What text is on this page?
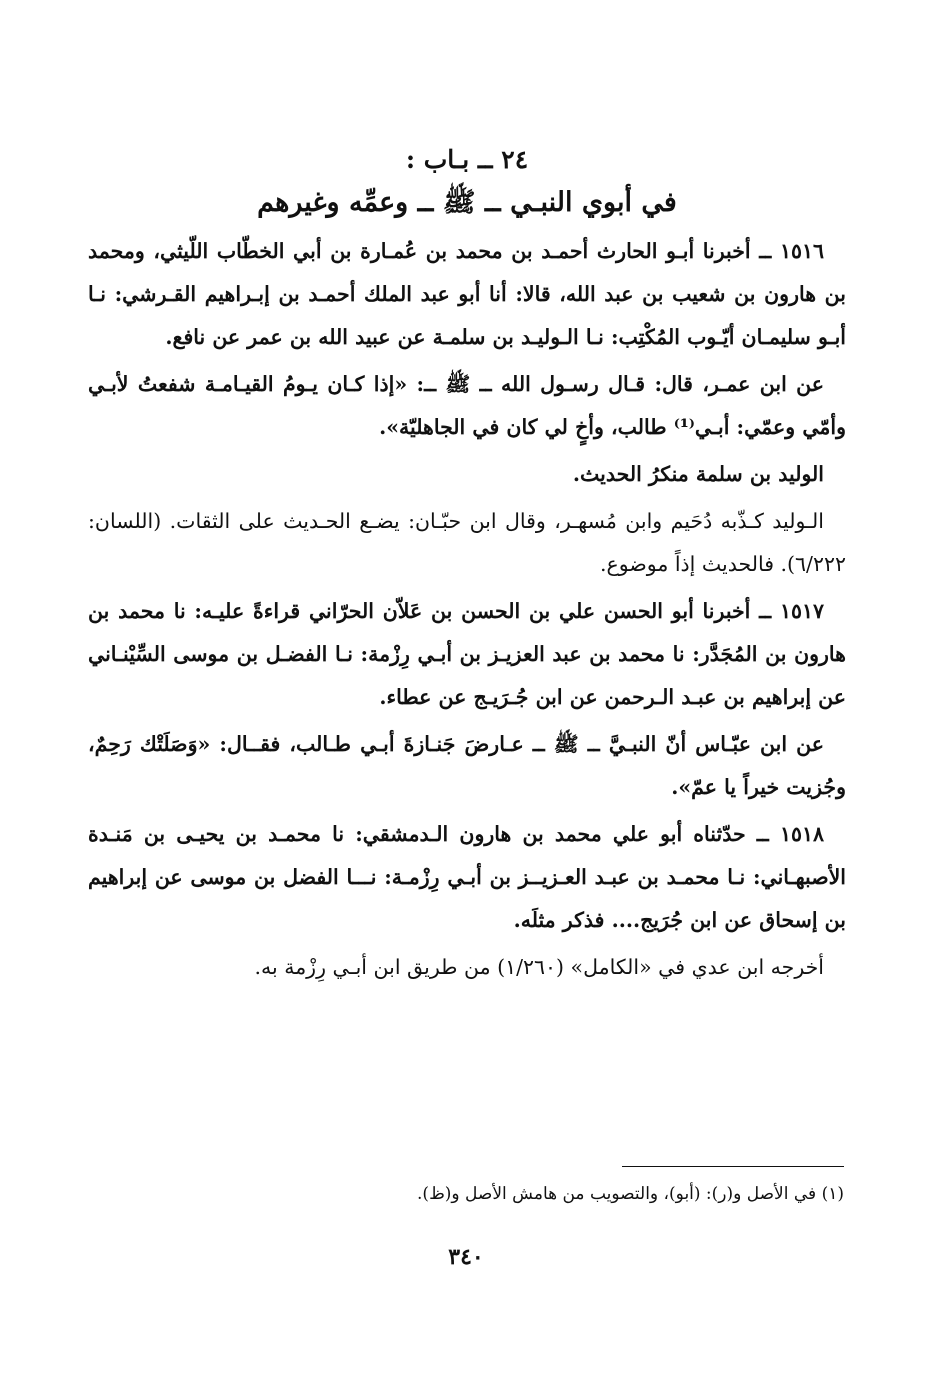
٢٤ ــ بـاب :

في أبوي النبـي ــ ﷺ ــ وعمِّه وغيرهم

١٥١٦ ــ أخبرنا أبـو الحارث أحمـد بن محمد بن عُمـارة بن أبي الخطّاب اللّيثي، ومحمد بن هارون بن شعيب بن عبد الله، قالا: أنا أبو عبد الملك أحمـد بن إبـراهيم القـرشي: نـا أبـو سليمـان أيّـوب المُكْتِب: نـا الـوليـد بن سلمـة عن عبيد الله بن عمر عن نافع.

عن ابن عمـر، قال: قـال رسـول الله ــ ﷺ ــ: «إذا كـان يـومُ القيـامـة شفعتُ لأبـي وأمّي وعمّي: أبـي⁽¹⁾ طالب، وأخٍ لي كان في الجاهليّة».

الوليد بن سلمة منكرُ الحديث.

الـوليد كـذّبه دُحَيم وابن مُسهـر، وقال ابن حبّـان: يضـع الحـديث على الثقات. (اللسان: ٦/٢٢٢). فالحديث إذاً موضوع.

١٥١٧ ــ أخبرنا أبو الحسن علي بن الحسن بن عَلاّن الحرّاني قراءةً عليـه: نا محمد بن هارون بن المُجَدَّر: نا محمد بن عبد العزيـز بن أبـي رِزْمة: نـا الفضـل بن موسى السِّيْنـاني عن إبراهيم بن عبـد الـرحمن عن ابن جُـرَيـج عن عطاء.

عن ابن عبّـاس أنّ النبـيَّ ــ ﷺ ــ عـارضَ جَنـازةَ أبـي طـالب، فقــال: «وَصَلَتْك رَحِمٌ، وجُزيت خيراً يا عمّ».

١٥١٨ ــ حدّثناه أبو علي محمد بن هارون الـدمشقي: نا محمـد بن يحيـى بن مَنـدة الأصبهـاني: نـا محمـد بن عبـد العـزيــز بن أبـي رِزْمـة: نـــا الفضل بن موسى عن إبراهيم بن إسحاق عن ابن جُرَيج.... فذكر مثلَه.

أخرجه ابن عدي في «الكامل» (١/٢٦٠) من طريق ابن أبـي رِزْمة به.

(١) في الأصل و(ر): (أبو)، والتصويب من هامش الأصل و(ظ).

٣٤٠
